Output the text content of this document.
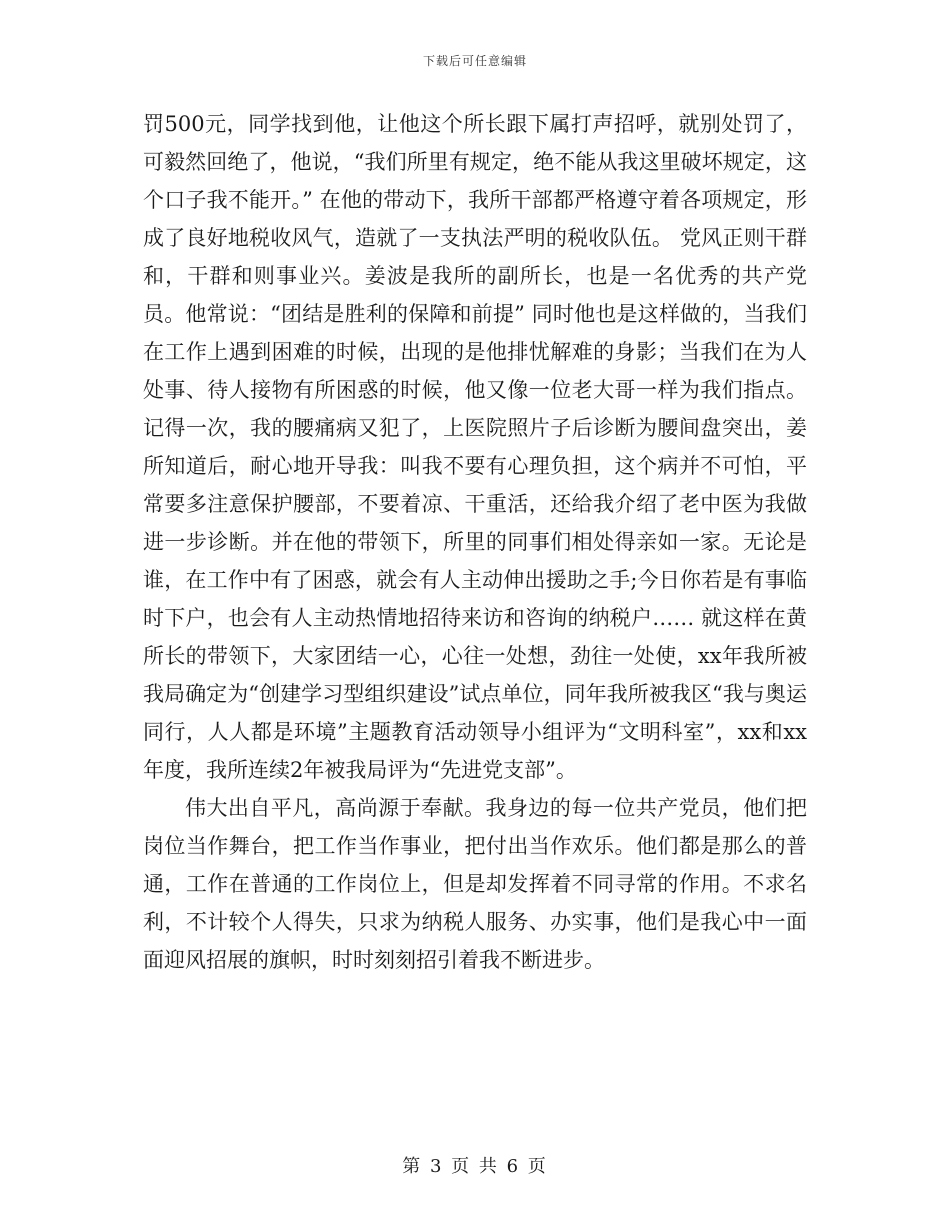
下载后可任意编辑

罚500元，同学找到他，让他这个所长跟下属打声招呼，就别处罚了，可毅然回绝了，他说，“我们所里有规定，绝不能从我这里破坏规定，这个口子我不能开。” 在他的带动下，我所干部都严格遵守着各项规定，形成了良好地税收风气，造就了一支执法严明的税收队伍。 党风正则干群和，干群和则事业兴。姜波是我所的副所长，也是一名优秀的共产党员。他常说：“团结是胜利的保障和前提” 同时他也是这样做的，当我们在工作上遇到困难的时候，出现的是他排忧解难的身影；当我们在为人处事、待人接物有所困惑的时候，他又像一位老大哥一样为我们指点。记得一次，我的腰痛病又犯了，上医院照片子后诊断为腰间盘突出，姜所知道后，耐心地开导我：叫我不要有心理负担，这个病并不可怕，平常要多注意保护腰部，不要着凉、干重活，还给我介绍了老中医为我做进一步诊断。并在他的带领下，所里的同事们相处得亲如一家。无论是谁，在工作中有了困惑，就会有人主动伸出援助之手;今日你若是有事临时下户，也会有人主动热情地招待来访和咨询的纳税户…… 就这样在黄所长的带领下，大家团结一心，心往一处想，劲往一处使，xx年我所被我局确定为“创建学习型组织建设”试点单位，同年我所被我区“我与奥运同行，人人都是环境”主题教育活动领导小组评为“文明科室”，xx和xx年度，我所连续2年被我局评为“先进党支部”。

伟大出自平凡，高尚源于奉献。我身边的每一位共产党员，他们把岗位当作舞台，把工作当作事业，把付出当作欢乐。他们都是那么的普通，工作在普通的工作岗位上，但是却发挥着不同寻常的作用。不求名利，不计较个人得失，只求为纳税人服务、办实事，他们是我心中一面面迎风招展的旗帜，时时刻刻招引着我不断进步。

第 3 页 共 6 页
